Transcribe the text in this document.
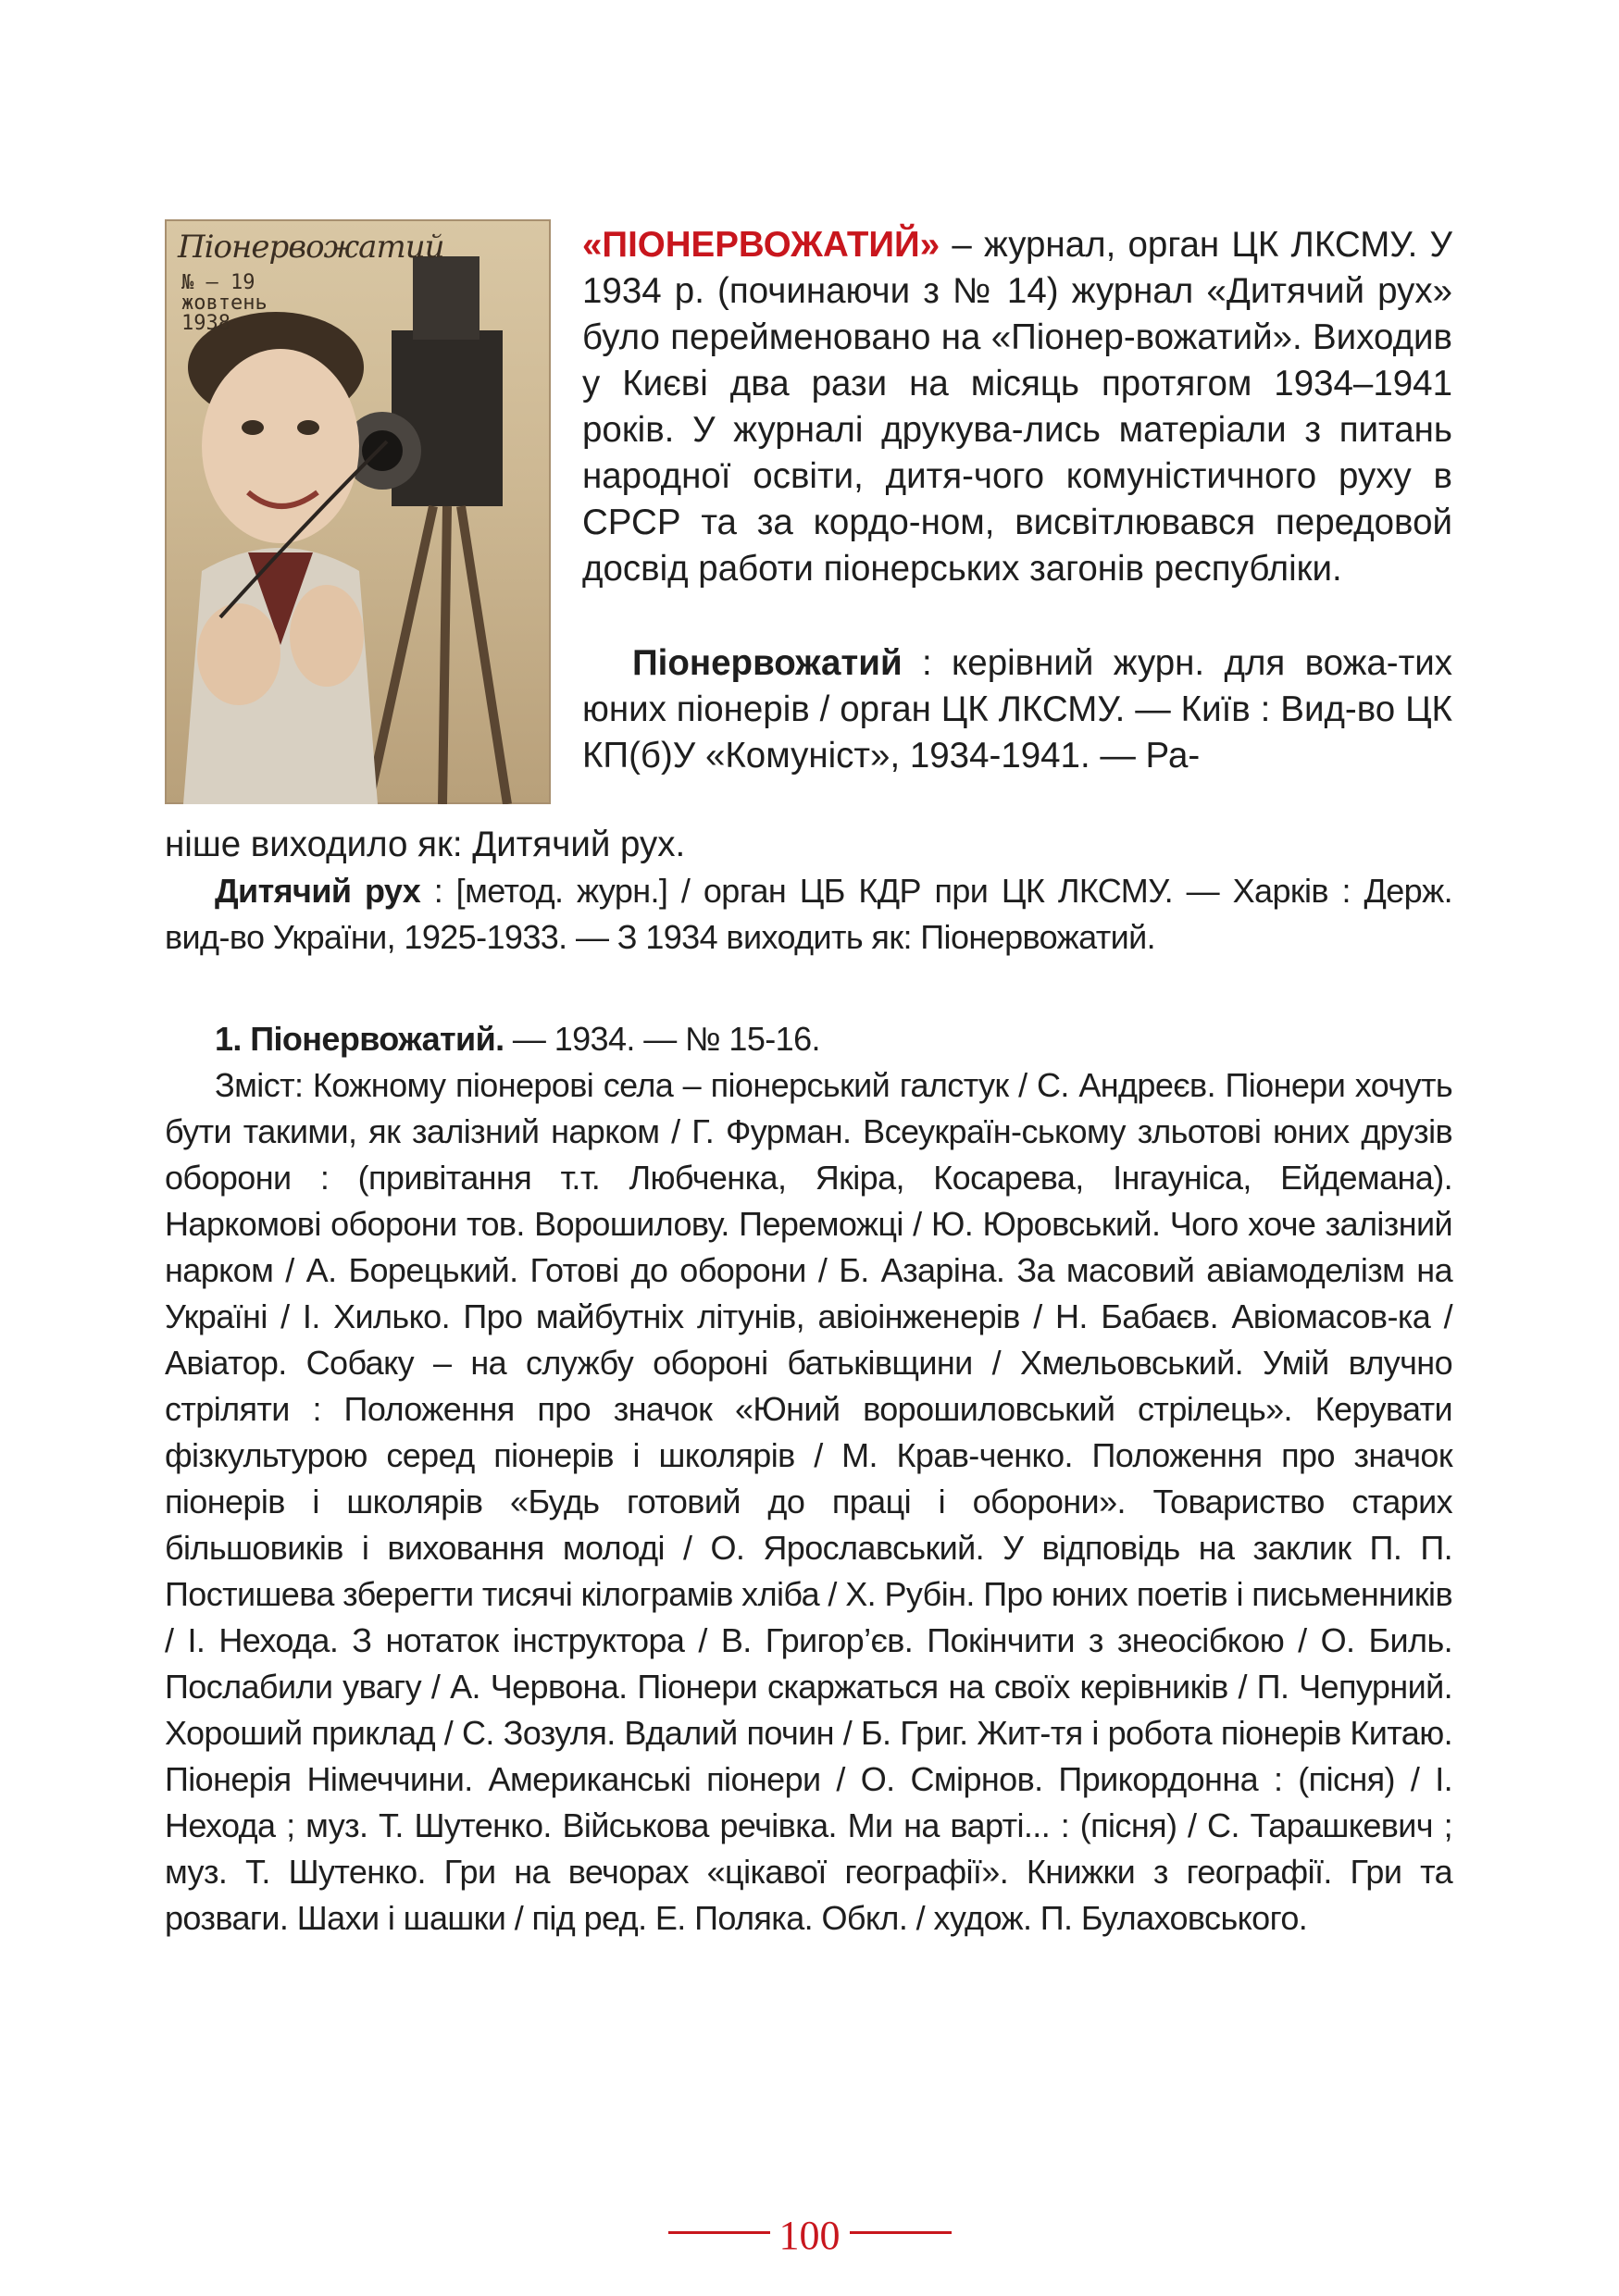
Піонервожатий
№ – 19
жовтень
1938

«ПІОНЕРВОЖАТИЙ» – журнал, орган ЦК ЛКСМУ. У 1934 р. (починаючи з № 14) журнал «Дитячий рух» було перейменовано на «Піонер-вожатий». Виходив у Києві два рази на місяць протягом 1934–1941 років. У журналі друкува-лись матеріали з питань народної освіти, дитя-чого комуністичного руху в СРСР та за кордо-ном, висвітлювався передовой досвід работи піонерських загонів республіки.

Піонервожатий : керівний журн. для вожа-тих юних піонерів / орган ЦК ЛКСМУ. — Київ : Вид-во ЦК КП(б)У «Комуніст», 1934-1941. — Ра-

ніше виходило як: Дитячий рух.

Дитячий рух : [метод. журн.] / орган ЦБ КДР при ЦК ЛКСМУ. — Харків : Держ. вид-во України, 1925-1933. — З 1934 виходить як: Піонервожатий.

1. Піонервожатий. — 1934. — № 15-16.

Зміст: Кожному піонерові села – піонерський галстук / С. Андреєв. Піонери хочуть бути такими, як залізний нарком / Г. Фурман. Всеукраїн-ському зльотові юних друзів оборони : (привітання т.т. Любченка, Якіра, Косарева, Інгауніса, Ейдемана). Наркомові оборони тов. Ворошилову. Переможці / Ю. Юровський. Чого хоче залізний нарком / А. Борецький. Готові до оборони / Б. Азаріна. За масовий авіамоделізм на Україні / І. Хилько. Про майбутніх літунів, авіоінженерів / Н. Бабаєв. Авіомасов-ка / Авіатор. Собаку – на службу обороні батьківщини / Хмельовський. Умій влучно стріляти : Положення про значок «Юний ворошиловський стрілець». Керувати фізкультурою серед піонерів і школярів / М. Крав-ченко. Положення про значок піонерів і школярів «Будь готовий до праці і оборони». Товариство старих більшовиків і виховання молоді / О. Ярославський. У відповідь на заклик П. П. Постишева зберегти тисячі кілограмів хліба / Х. Рубін. Про юних поетів і письменників / І. Нехода. З нотаток інструктора / В. Григор’єв. Покінчити з знеосібкою / О. Биль. Послабили увагу / А. Червона. Піонери скаржаться на своїх керівників / П. Чепурний. Хороший приклад / С. Зозуля. Вдалий почин / Б. Григ. Жит-тя і робота піонерів Китаю. Піонерія Німеччини. Американські піонери / О. Смірнов. Прикордонна : (пісня) / І. Нехода ; муз. Т. Шутенко. Військова речівка. Ми на варті... : (пісня) / С. Тарашкевич ; муз. Т. Шутенко. Гри на вечорах «цікавої географії». Книжки з географії. Гри та розваги. Шахи і шашки / під ред. Е. Поляка. Обкл. / худож. П. Булаховського.

100
